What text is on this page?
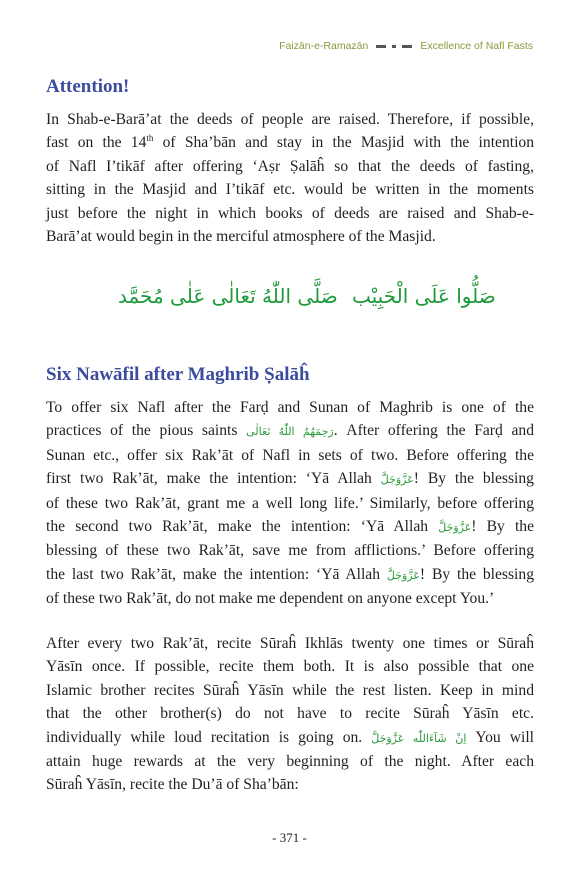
Faizān-e-Ramazān	Excellence of Nafl Fasts
Attention!
In Shab-e-Barā’at the deeds of people are raised. Therefore, if possible,
fast on the 14th of Sha’bān and stay in the Masjid with the intention
of Nafl I’tikāf after offering ‘Aṣr Ṣalāĥ so that the deeds of fasting,
sitting in the Masjid and I’tikāf etc. would be written in the moments
just before the night in which books of deeds are raised and Shab-e-
Barā’at would begin in the merciful atmosphere of the Masjid.
صَلَّى اللّٰهُ تَعَالٰى عَلٰى مُحَمَّد صَلُّوا عَلَى الْحَبِيْب
Six Nawāfil after Maghrib Ṣalāĥ
To offer six Nafl after the Farḍ and Sunan of Maghrib is one of the
practices of the pious saints رَحِمَهُمُ اللّٰهُ تَعَالٰى. After offering the Farḍ and
Sunan etc., offer six Rak’āt of Nafl in sets of two. Before offering the
first two Rak’āt, make the intention: ‘Yā Allah عَزَّوَجَلَّ! By the blessing
of these two Rak’āt, grant me a well long life.’ Similarly, before offering
the second two Rak’āt, make the intention: ‘Yā Allah عَزَّوَجَلَّ! By the
blessing of these two Rak’āt, save me from afflictions.’ Before offering
the last two Rak’āt, make the intention: ‘Yā Allah عَزَّوَجَلَّ! By the blessing
of these two Rak’āt, do not make me dependent on anyone except You.’
After every two Rak’āt, recite Sūraĥ Ikhlās twenty one times or Sūraĥ
Yāsīn once. If possible, recite them both. It is also possible that one
Islamic brother recites Sūraĥ Yāsīn while the rest listen. Keep in mind
that the other brother(s) do not have to recite Sūraĥ Yāsīn etc.
individually while loud recitation is going on. اِنْ شَآءَاللّٰه عَزَّوَجَلَّ You will
attain huge rewards at the very beginning of the night. After each
Sūraĥ Yāsīn, recite the Du’ā of Sha’bān:
- 371 -
